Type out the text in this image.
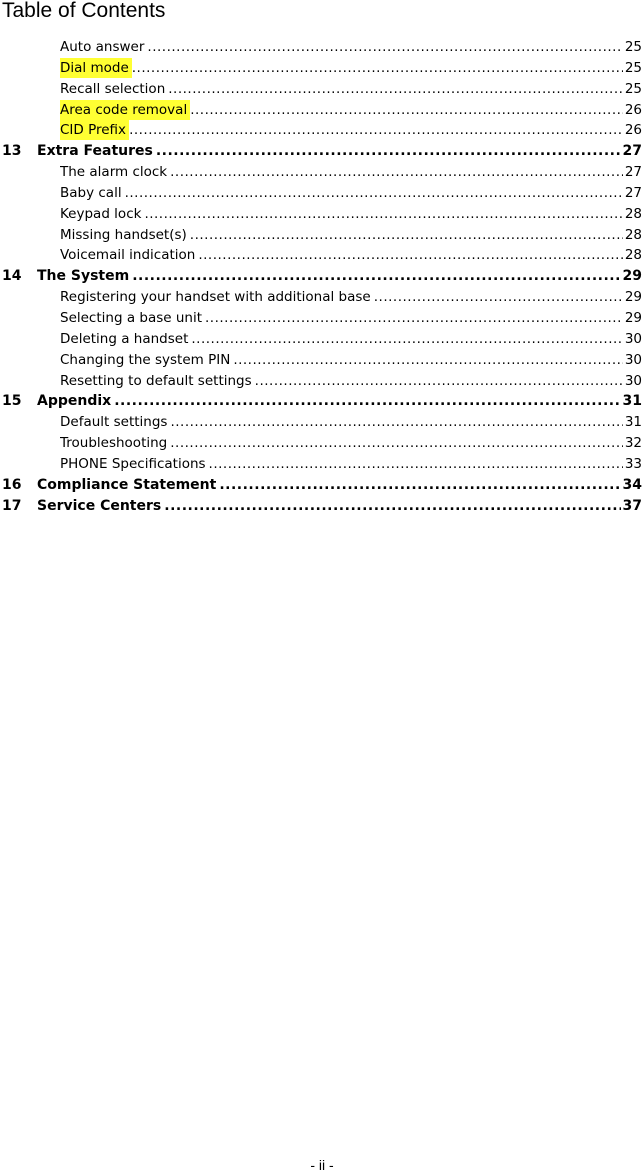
Table of Contents
Auto answer .....	25
Dial mode .....	25
Recall selection .....	25
Area code removal .....	26
CID Prefix .....	26
13 Extra Features .....	27
The alarm clock .....	27
Baby call .....	27
Keypad lock .....	28
Missing handset(s) .....	28
Voicemail indication .....	28
14 The System .....	29
Registering your handset with additional base .....	29
Selecting a base unit .....	29
Deleting a handset .....	30
Changing the system PIN .....	30
Resetting to default settings .....	30
15 Appendix .....	31
Default settings .....	31
Troubleshooting .....	32
PHONE Specifications .....	33
16 Compliance Statement .....	34
17 Service Centers .....	37
- ii -
